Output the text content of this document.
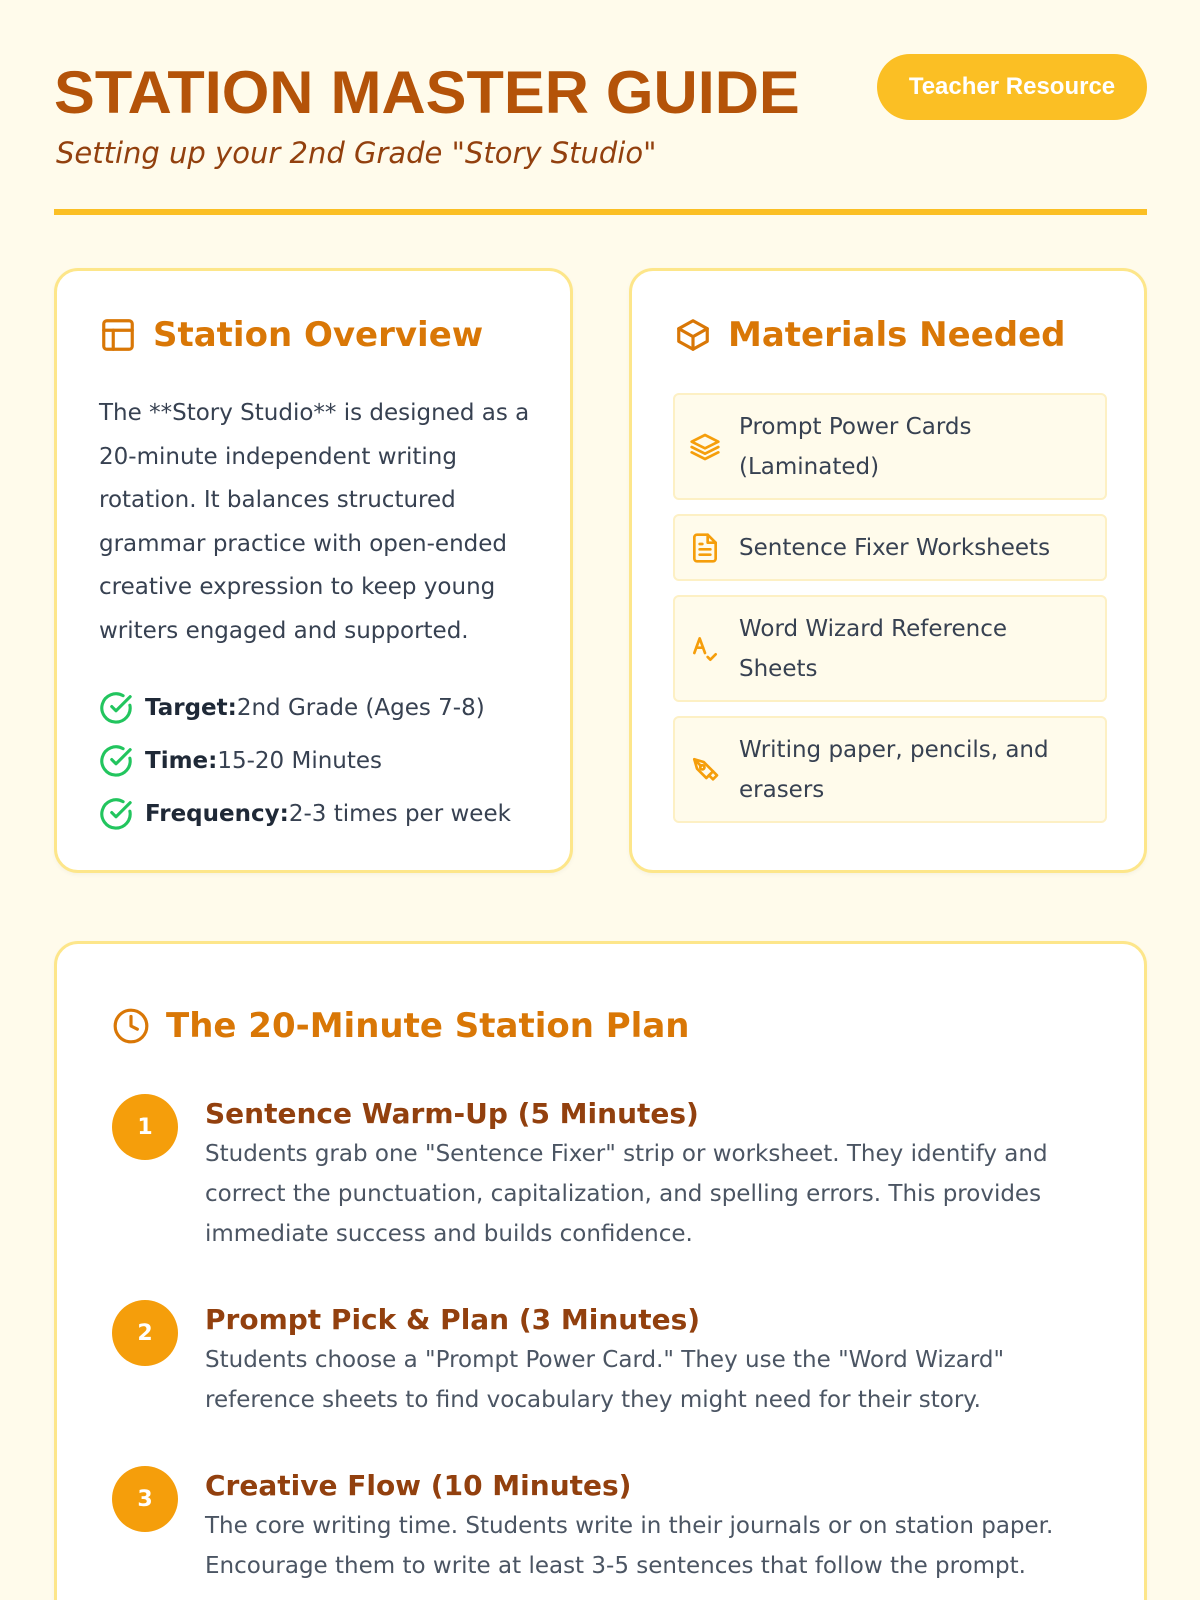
STATION MASTER GUIDE	Teacher Resource

Setting up your 2nd Grade "Story Studio"

Station Overview

The **Story Studio** is designed as a 20-minute independent writing rotation. It balances structured grammar practice with open-ended creative expression to keep young writers engaged and supported.

Target: 2nd Grade (Ages 7-8)
Time: 15-20 Minutes
Frequency: 2-3 times per week
Materials Needed
Prompt Power Cards (Laminated)
Sentence Fixer Worksheets
Word Wizard Reference Sheets
Writing paper, pencils, and erasers
The 20-Minute Station Plan
1	Sentence Warm-Up (5 Minutes)

Students grab one "Sentence Fixer" strip or worksheet. They identify and correct the punctuation, capitalization, and spelling errors. This provides immediate success and builds confidence.

2	Prompt Pick & Plan (3 Minutes)

Students choose a "Prompt Power Card." They use the "Word Wizard" reference sheets to find vocabulary they might need for their story.

3	Creative Flow (10 Minutes)

The core writing time. Students write in their journals or on station paper. Encourage them to write at least 3-5 sentences that follow the prompt.
